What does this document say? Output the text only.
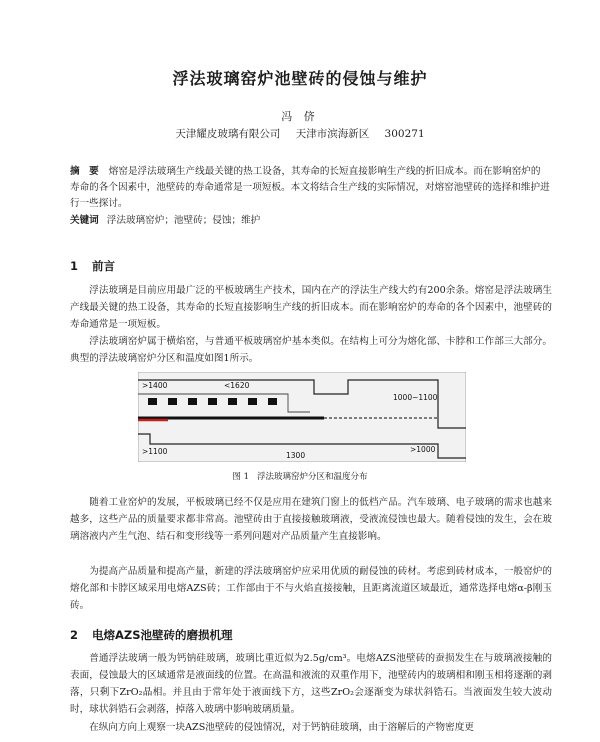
浮法玻璃窑炉池壁砖的侵蚀与维护
冯 侪
天津耀皮玻璃有限公司 天津市滨海新区 300271
摘　要 熔窑是浮法玻璃生产线最关键的热工设备，其寿命的长短直接影响生产线的折旧成本。而在影响窑炉的寿命的各个因素中，池壁砖的寿命通常是一项短板。本文将结合生产线的实际情况，对熔窑池壁砖的选择和维护进行一些探讨。
关键词 浮法玻璃窑炉；池壁砖；侵蚀；维护
1 前言
浮法玻璃是目前应用最广泛的平板玻璃生产技术，国内在产的浮法生产线大约有200余条。熔窑是浮法玻璃生产线最关键的热工设备，其寿命的长短直接影响生产线的折旧成本。而在影响窑炉的寿命的各个因素中，池壁砖的寿命通常是一项短板。
浮法玻璃窑炉属于横焰窑，与普通平板玻璃窑炉基本类似。在结构上可分为熔化部、卡脖和工作部三大部分。典型的浮法玻璃窑炉分区和温度如图1所示。
>1400	<1620
1000~1100
>1100	1300
>1000
图 1 浮法玻璃窑炉分区和温度分布
随着工业窑炉的发展，平板玻璃已经不仅是应用在建筑门窗上的低档产品。汽车玻璃、电子玻璃的需求也越来越多，这些产品的质量要求都非常高。池壁砖由于直接接触玻璃液，受液流侵蚀也最大。随着侵蚀的发生，会在玻璃溶液内产生气泡、结石和变形线等一系列问题对产品质量产生直接影响。
为提高产品质量和提高产量，新建的浮法玻璃窑炉应采用优质的耐侵蚀的砖材。考虑到砖材成本，一般窑炉的熔化部和卡脖区域采用电熔AZS砖；工作部由于不与火焰直接接触，且距离流道区域最近，通常选择电熔α-β刚玉砖。
2 电熔AZS池壁砖的磨损机理
普通浮法玻璃一般为钙钠硅玻璃，玻璃比重近似为2.5g/cm³。电熔AZS池壁砖的蚕损发生在与玻璃液接触的表面，侵蚀最大的区域通常是液面线的位置。在高温和液流的双重作用下，池壁砖内的玻璃相和刚玉相将逐渐的剥落，只剩下ZrO₂晶相。并且由于常年处于液面线下方，这些ZrO₂会逐渐变为球状斜锆石。当液面发生较大波动时，球状斜锆石会剥落，掉落入玻璃中影响玻璃质量。
在纵向方向上观察一块AZS池壁砖的侵蚀情况，对于钙钠硅玻璃，由于溶解后的产物密度更
